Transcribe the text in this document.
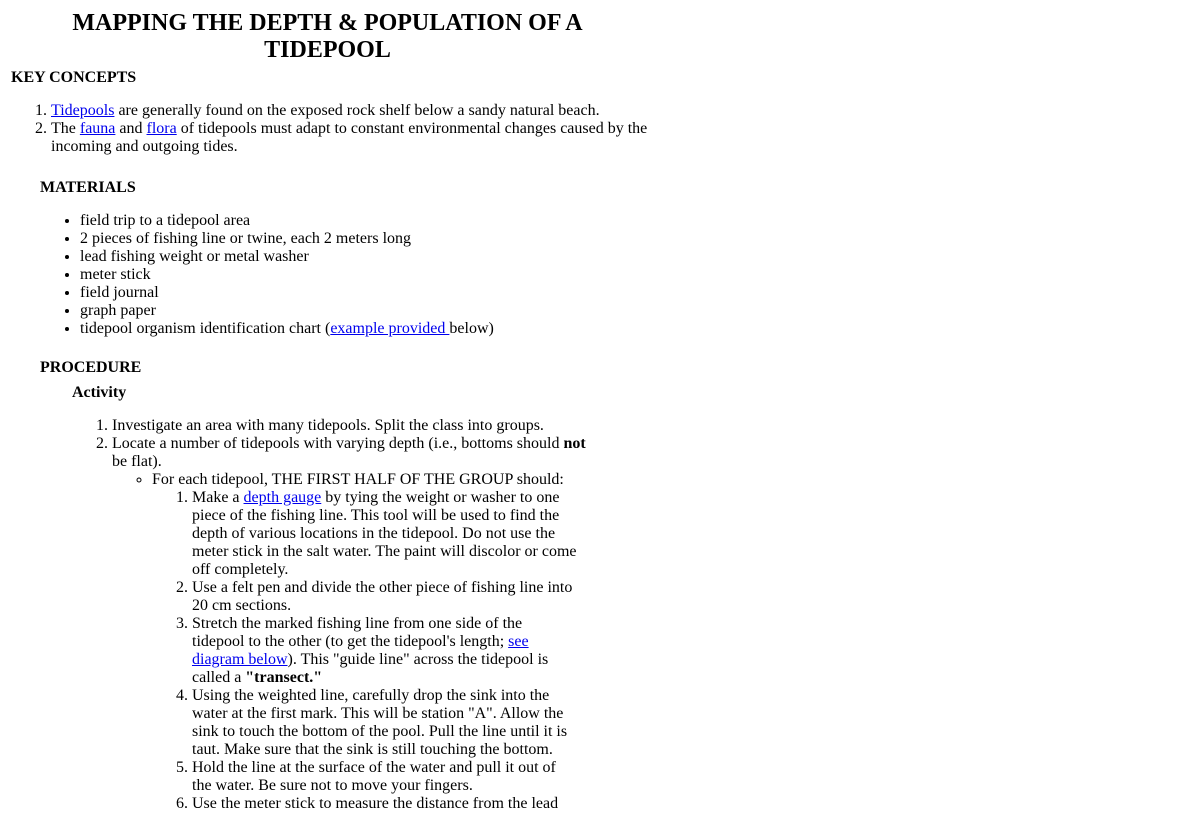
MAPPING THE DEPTH & POPULATION OF A TIDEPOOL
KEY CONCEPTS
1. Tidepools are generally found on the exposed rock shelf below a sandy natural beach.
2. The fauna and flora of tidepools must adapt to constant environmental changes caused by the incoming and outgoing tides.
MATERIALS
• field trip to a tidepool area
• 2 pieces of fishing line or twine, each 2 meters long
• lead fishing weight or metal washer
• meter stick
• field journal
• graph paper
• tidepool organism identification chart (example provided below)
PROCEDURE
Activity
1. Investigate an area with many tidepools. Split the class into groups.
2. Locate a number of tidepools with varying depth (i.e., bottoms should not be flat).
◦ For each tidepool, THE FIRST HALF OF THE GROUP should:
1. Make a depth gauge by tying the weight or washer to one piece of the fishing line. This tool will be used to find the depth of various locations in the tidepool. Do not use the meter stick in the salt water. The paint will discolor or come off completely.
2. Use a felt pen and divide the other piece of fishing line into 20 cm sections.
3. Stretch the marked fishing line from one side of the tidepool to the other (to get the tidepool's length; see diagram below). This "guide line" across the tidepool is called a "transect."
4. Using the weighted line, carefully drop the sink into the water at the first mark. This will be station "A". Allow the sink to touch the bottom of the pool. Pull the line until it is taut. Make sure that the sink is still touching the bottom.
5. Hold the line at the surface of the water and pull it out of the water. Be sure not to move your fingers.
6. Use the meter stick to measure the distance from the lead
